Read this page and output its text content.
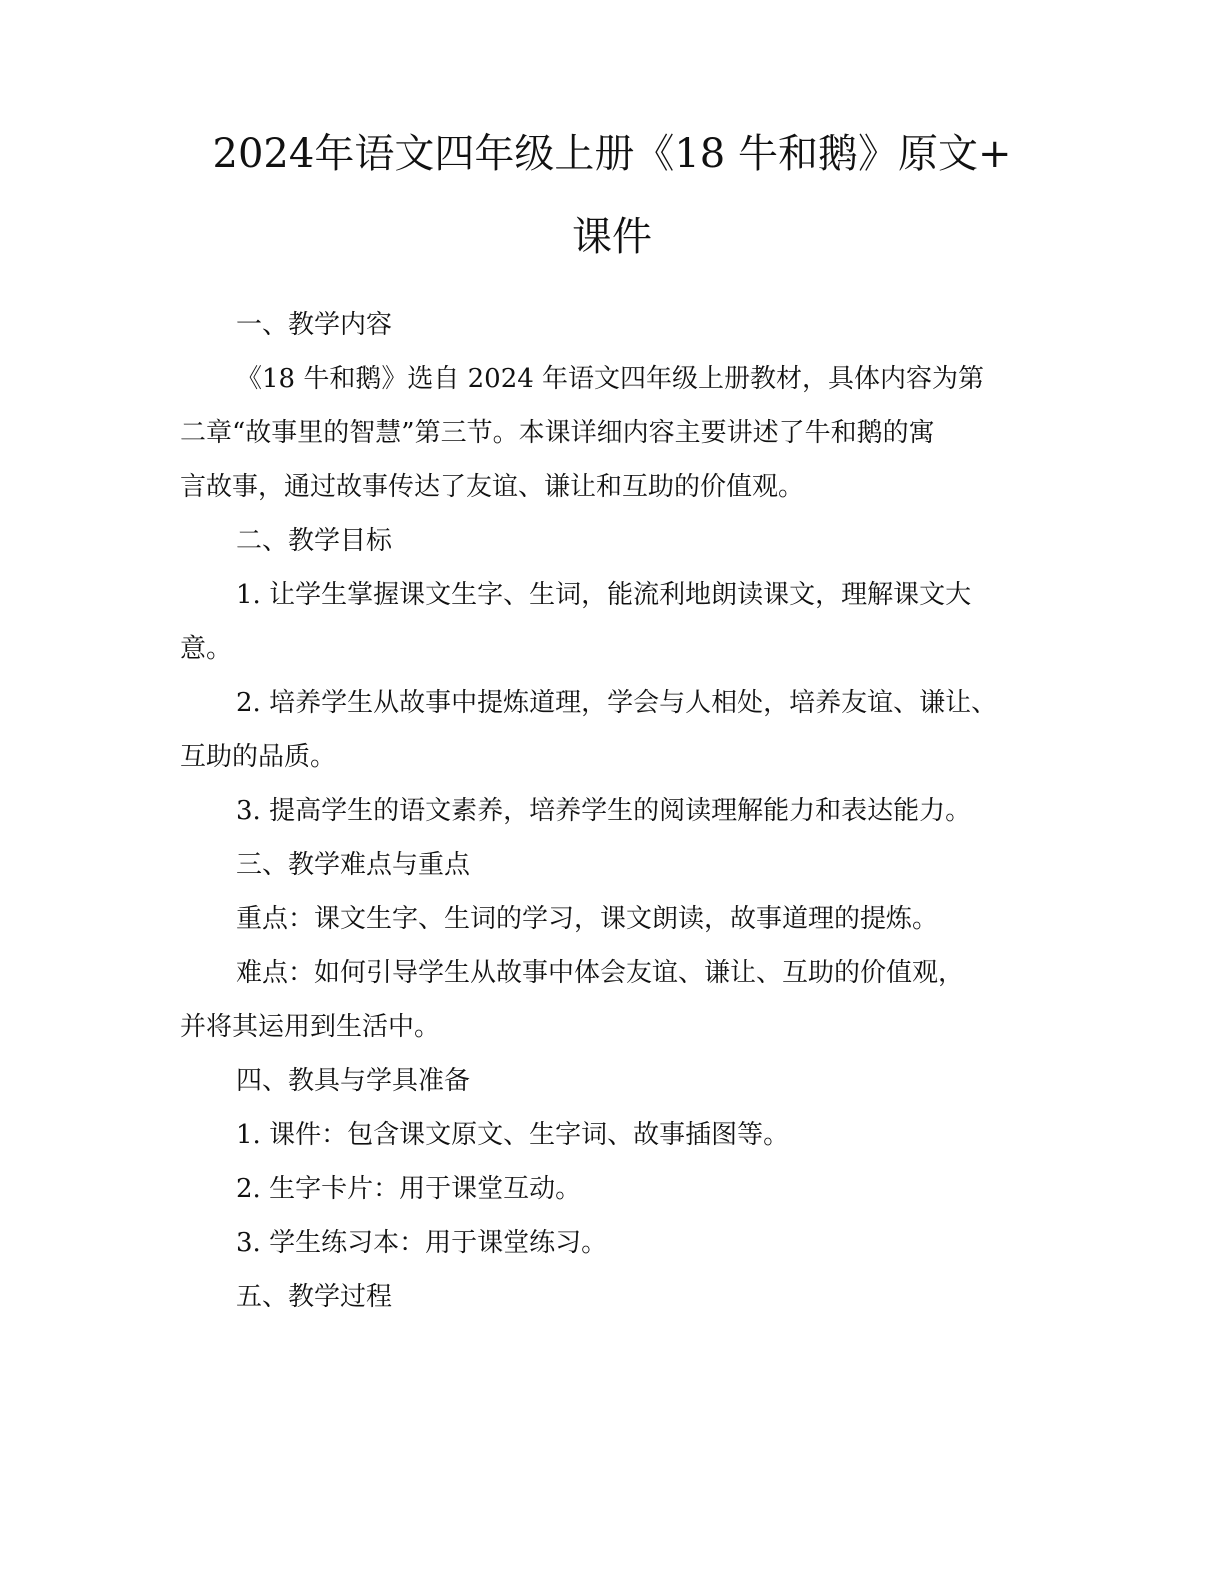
2024年语文四年级上册《18 牛和鹅》原文+
课件
一、教学内容
《18 牛和鹅》选自 2024 年语文四年级上册教材，具体内容为第
二章“故事里的智慧”第三节。本课详细内容主要讲述了牛和鹅的寓
言故事，通过故事传达了友谊、谦让和互助的价值观。
二、教学目标
1. 让学生掌握课文生字、生词，能流利地朗读课文，理解课文大
意。
2. 培养学生从故事中提炼道理，学会与人相处，培养友谊、谦让、
互助的品质。
3. 提高学生的语文素养，培养学生的阅读理解能力和表达能力。
三、教学难点与重点
重点：课文生字、生词的学习，课文朗读，故事道理的提炼。
难点：如何引导学生从故事中体会友谊、谦让、互助的价值观，
并将其运用到生活中。
四、教具与学具准备
1. 课件：包含课文原文、生字词、故事插图等。
2. 生字卡片：用于课堂互动。
3. 学生练习本：用于课堂练习。
五、教学过程
